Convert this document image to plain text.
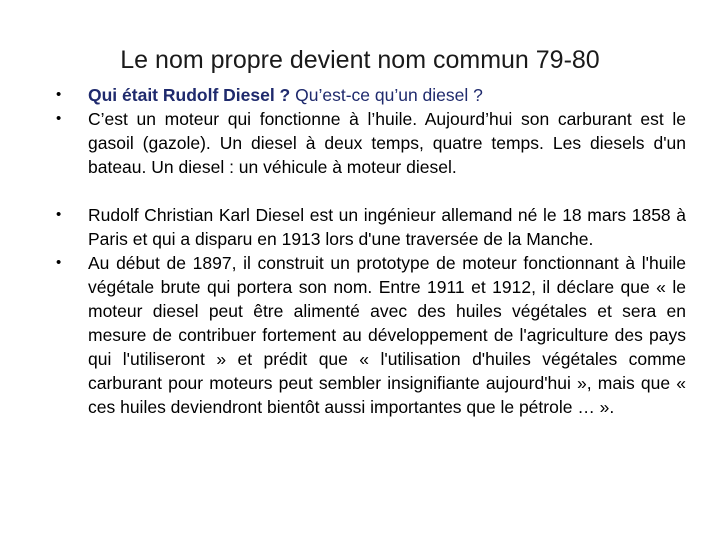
Le nom propre devient nom commun 79-80
•	Qui était Rudolf Diesel ? Qu’est-ce qu’un diesel ?
•	C’est un moteur qui fonctionne à l’huile. Aujourd’hui son carburant est le gasoil (gazole). Un diesel à deux temps, quatre temps. Les diesels d'un bateau. Un diesel : un véhicule à moteur diesel.
•	Rudolf Christian Karl Diesel est un ingénieur allemand né le 18 mars 1858 à Paris et qui a disparu en 1913 lors d'une traversée de la Manche.
•	Au début de 1897, il construit un prototype de moteur fonctionnant à l'huile végétale brute qui portera son nom. Entre 1911 et 1912, il déclare que « le moteur diesel peut être alimenté avec des huiles végétales et sera en mesure de contribuer fortement au développement de l'agriculture des pays qui l'utiliseront » et prédit que « l'utilisation d'huiles végétales comme carburant pour moteurs peut sembler insignifiante aujourd'hui », mais que « ces huiles deviendront bientôt aussi importantes que le pétrole … ».
